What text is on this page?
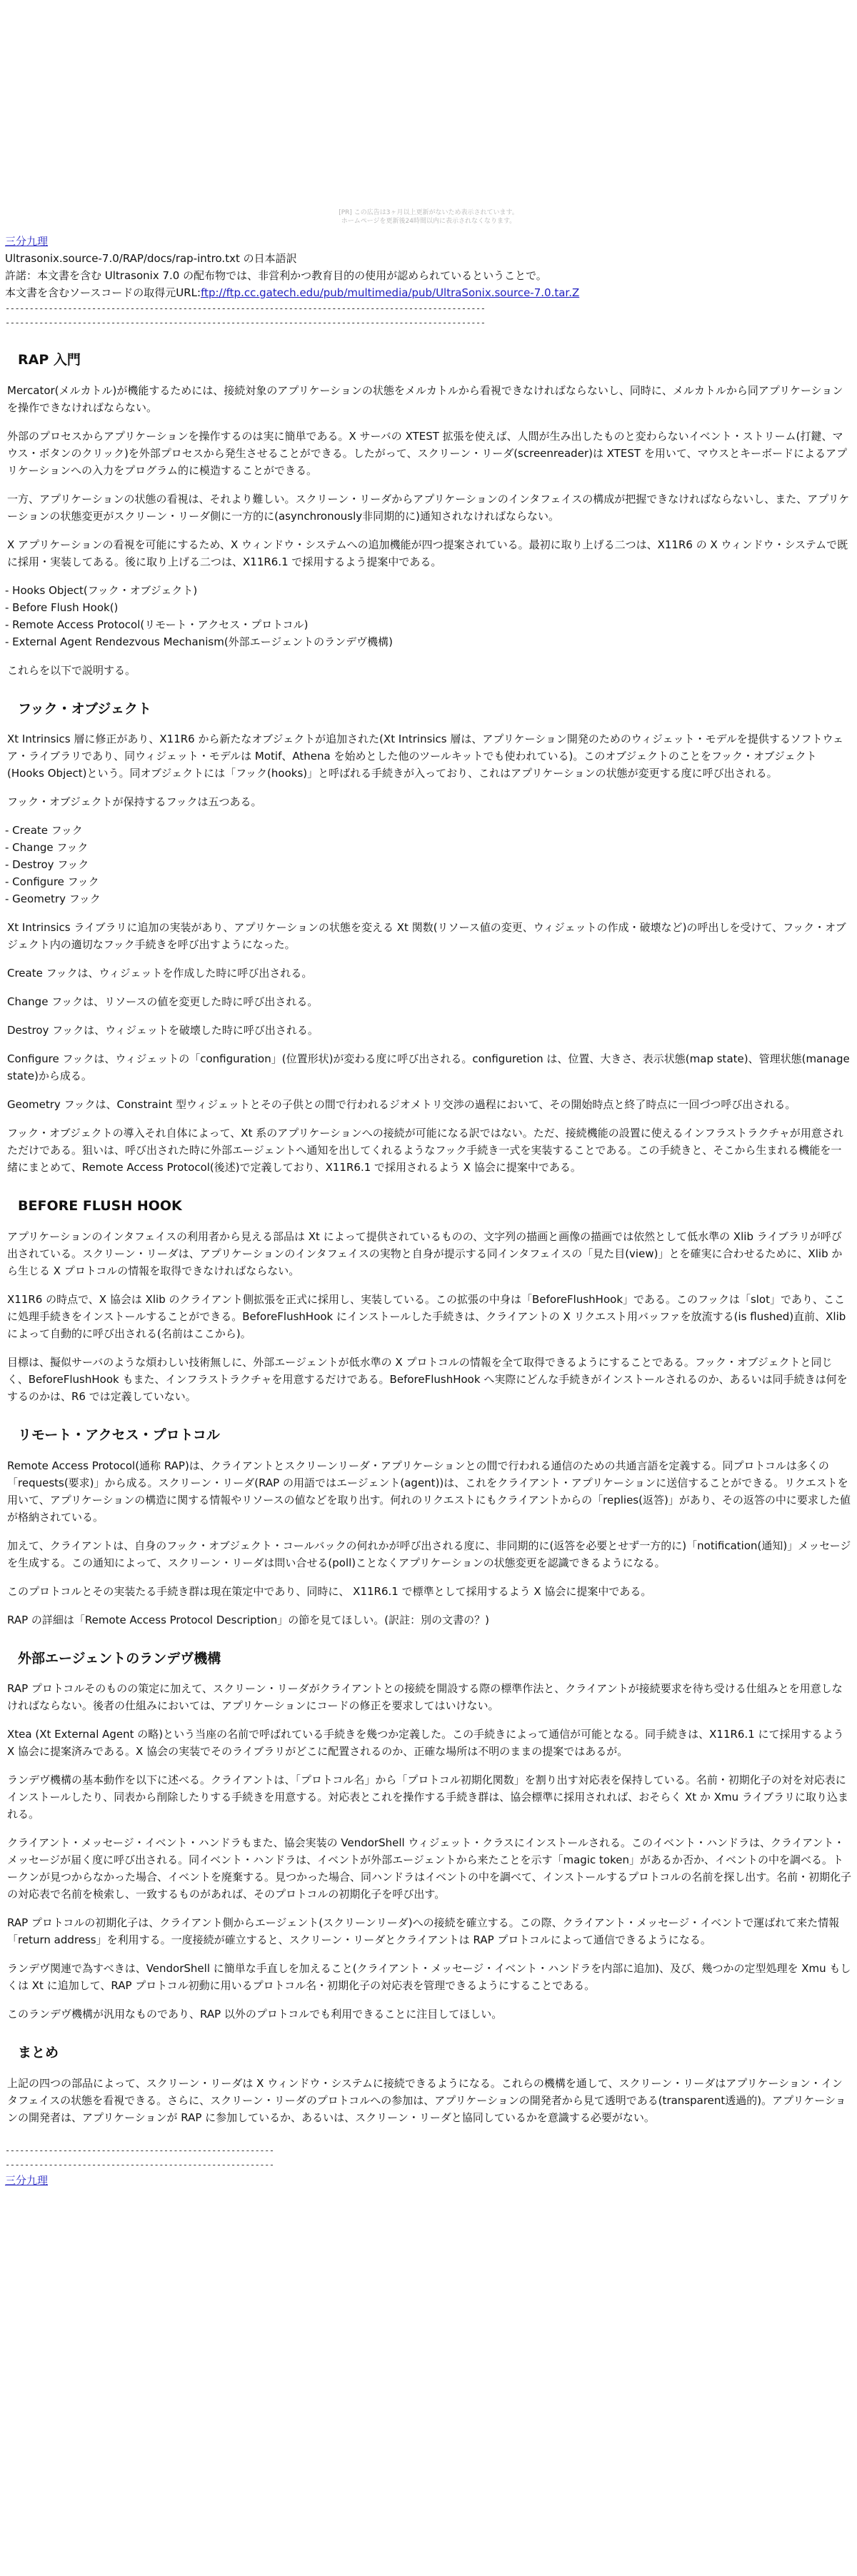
[PR] この広告は3ヶ月以上更新がないため表示されています。
ホームページを更新後24時間以内に表示されなくなります。
三分九理
Ultrasonix.source-7.0/RAP/docs/rap-intro.txt の日本語訳
許諾：本文書を含む Ultrasonix 7.0 の配布物では、非営利かつ教育目的の使用が認められているということで。
本文書を含むソースコードの取得元URL:ftp://ftp.cc.gatech.edu/pub/multimedia/pub/UltraSonix.source-7.0.tar.Z
----------------------------------------------------------------------------------------------------
----------------------------------------------------------------------------------------------------
RAP 入門

Mercator(メルカトル)が機能するためには、接続対象のアプリケーションの状態をメルカトルから看視できなければならないし、同時に、メルカトルから同アプリケーションを操作できなければならない。

外部のプロセスからアプリケーションを操作するのは実に簡単である。X サーバの XTEST 拡張を使えば、人間が生み出したものと変わらないイベント・ストリーム(打鍵、マウス・ボタンのクリック)を外部プロセスから発生させることができる。したがって、スクリーン・リーダ(screenreader)は XTEST を用いて、マウスとキーボードによるアプリケーションへの入力をプログラム的に模造することができる。

一方、アプリケーションの状態の看視は、それより難しい。スクリーン・リーダからアプリケーションのインタフェイスの構成が把握できなければならないし、また、アプリケーションの状態変更がスクリーン・リーダ側に一方的に(asynchronously非同期的に)通知されなければならない。

X アプリケーションの看視を可能にするため、X ウィンドウ・システムへの追加機能が四つ提案されている。最初に取り上げる二つは、X11R6 の X ウィンドウ・システムで既に採用・実装してある。後に取り上げる二つは、X11R6.1 で採用するよう提案中である。

- Hooks Object(フック・オブジェクト)
- Before Flush Hook()
- Remote Access Protocol(リモート・アクセス・プロトコル)
- External Agent Rendezvous Mechanism(外部エージェントのランデヴ機構)

これらを以下で説明する。

フック・オブジェクト

Xt Intrinsics 層に修正があり、X11R6 から新たなオブジェクトが追加された(Xt Intrinsics 層は、アプリケーション開発のためのウィジェット・モデルを提供するソフトウェア・ライブラリであり、同ウィジェット・モデルは Motif、Athena を始めとした他のツールキットでも使われている)。このオブジェクトのことをフック・オブジェクト(Hooks Object)という。同オブジェクトには「フック(hooks)」と呼ばれる手続きが入っており、これはアプリケーションの状態が変更する度に呼び出される。

フック・オブジェクトが保持するフックは五つある。

- Create フック
- Change フック
- Destroy フック
- Configure フック
- Geometry フック

Xt Intrinsics ライブラリに追加の実装があり、アプリケーションの状態を変える Xt 関数(リソース値の変更、ウィジェットの作成・破壊など)の呼出しを受けて、フック・オブジェクト内の適切なフック手続きを呼び出すようになった。

Create フックは、ウィジェットを作成した時に呼び出される。

Change フックは、リソースの値を変更した時に呼び出される。

Destroy フックは、ウィジェットを破壊した時に呼び出される。

Configure フックは、ウィジェットの「configuration」(位置形状)が変わる度に呼び出される。configuretion は、位置、大きさ、表示状態(map state)、管理状態(manage state)から成る。

Geometry フックは、Constraint 型ウィジェットとその子供との間で行われるジオメトリ交渉の過程において、その開始時点と終了時点に一回づつ呼び出される。

フック・オブジェクトの導入それ自体によって、Xt 系のアプリケーションへの接続が可能になる訳ではない。ただ、接続機能の設置に使えるインフラストラクチャが用意されただけである。狙いは、呼び出された時に外部エージェントへ通知を出してくれるようなフック手続き一式を実装することである。この手続きと、そこから生まれる機能を一緒にまとめて、Remote Access Protocol(後述)で定義しており、X11R6.1 で採用されるよう X 協会に提案中である。

BEFORE FLUSH HOOK

アプリケーションのインタフェイスの利用者から見える部品は Xt によって提供されているものの、文字列の描画と画像の描画では依然として低水準の Xlib ライブラリが呼び出されている。スクリーン・リーダは、アプリケーションのインタフェイスの実物と自身が提示する同インタフェイスの「見た目(view)」とを確実に合わせるために、Xlib から生じる X プロトコルの情報を取得できなければならない。

X11R6 の時点で、X 協会は Xlib のクライアント側拡張を正式に採用し、実装している。この拡張の中身は「BeforeFlushHook」である。このフックは「slot」であり、ここに処理手続きをインストールすることができる。BeforeFlushHook にインストールした手続きは、クライアントの X リクエスト用バッファを放流する(is flushed)直前、Xlib によって自動的に呼び出される(名前はここから)。

目標は、擬似サーバのような煩わしい技術無しに、外部エージェントが低水準の X プロトコルの情報を全て取得できるようにすることである。フック・オブジェクトと同じく、BeforeFlushHook もまた、インフラストラクチャを用意するだけである。BeforeFlushHook へ実際にどんな手続きがインストールされるのか、あるいは同手続きは何をするのかは、R6 では定義していない。

リモート・アクセス・プロトコル

Remote Access Protocol(通称 RAP)は、クライアントとスクリーンリーダ・アプリケーションとの間で行われる通信のための共通言語を定義する。同プロトコルは多くの「requests(要求)」から成る。スクリーン・リーダ(RAP の用語ではエージェント(agent))は、これをクライアント・アプリケーションに送信することができる。リクエストを用いて、アプリケーションの構造に関する情報やリソースの値などを取り出す。何れのリクエストにもクライアントからの「replies(返答)」があり、その返答の中に要求した値が格納されている。

加えて、クライアントは、自身のフック・オブジェクト・コールバックの何れかが呼び出される度に、非同期的に(返答を必要とせず一方的に)「notification(通知)」メッセージを生成する。この通知によって、スクリーン・リーダは問い合せる(poll)ことなくアプリケーションの状態変更を認識できるようになる。

このプロトコルとその実装たる手続き群は現在策定中であり、同時に、 X11R6.1 で標準として採用するよう X 協会に提案中である。

RAP の詳細は「Remote Access Protocol Description」の節を見てほしい。(訳註：別の文書の？)

外部エージェントのランデヴ機構

RAP プロトコルそのものの策定に加えて、スクリーン・リーダがクライアントとの接続を開設する際の標準作法と、クライアントが接続要求を待ち受ける仕組みとを用意しなければならない。後者の仕組みにおいては、アプリケーションにコードの修正を要求してはいけない。

Xtea (Xt External Agent の略)という当座の名前で呼ばれている手続きを幾つか定義した。この手続きによって通信が可能となる。同手続きは、X11R6.1 にて採用するよう X 協会に提案済みである。X 協会の実装でそのライブラリがどこに配置されるのか、正確な場所は不明のままの提案ではあるが。

ランデヴ機構の基本動作を以下に述べる。クライアントは、「プロトコル名」から「プロトコル初期化関数」を割り出す対応表を保持している。名前・初期化子の対を対応表にインストールしたり、同表から削除したりする手続きを用意する。対応表とこれを操作する手続き群は、協会標準に採用されれば、おそらく Xt か Xmu ライブラリに取り込まれる。

クライアント・メッセージ・イベント・ハンドラもまた、協会実装の VendorShell ウィジェット・クラスにインストールされる。このイベント・ハンドラは、クライアント・メッセージが届く度に呼び出される。同イベント・ハンドラは、イベントが外部エージェントから来たことを示す「magic token」があるか否か、イベントの中を調べる。トークンが見つからなかった場合、イベントを廃棄する。見つかった場合、同ハンドラはイベントの中を調べて、インストールするプロトコルの名前を探し出す。名前・初期化子の対応表で名前を検索し、一致するものがあれば、そのプロトコルの初期化子を呼び出す。

RAP プロトコルの初期化子は、クライアント側からエージェント(スクリーンリーダ)への接続を確立する。この際、クライアント・メッセージ・イベントで運ばれて来た情報「return address」を利用する。一度接続が確立すると、スクリーン・リーダとクライアントは RAP プロトコルによって通信できるようになる。

ランデヴ関連で為すべきは、VendorShell に簡単な手直しを加えること(クライアント・メッセージ・イベント・ハンドラを内部に追加)、及び、幾つかの定型処理を Xmu もしくは Xt に追加して、RAP プロトコル初動に用いるプロトコル名・初期化子の対応表を管理できるようにすることである。

このランデヴ機構が汎用なものであり、RAP 以外のプロトコルでも利用できることに注目してほしい。

まとめ

上記の四つの部品によって、スクリーン・リーダは X ウィンドウ・システムに接続できるようになる。これらの機構を通して、スクリーン・リーダはアプリケーション・インタフェイスの状態を看視できる。さらに、スクリーン・リーダのプロトコルへの参加は、アプリケーションの開発者から見て透明である(transparent透過的)。アプリケーションの開発者は、アプリケーションが RAP に参加しているか、あるいは、スクリーン・リーダと協同しているかを意識する必要がない。

--------------------------------------------------------
--------------------------------------------------------
三分九理
